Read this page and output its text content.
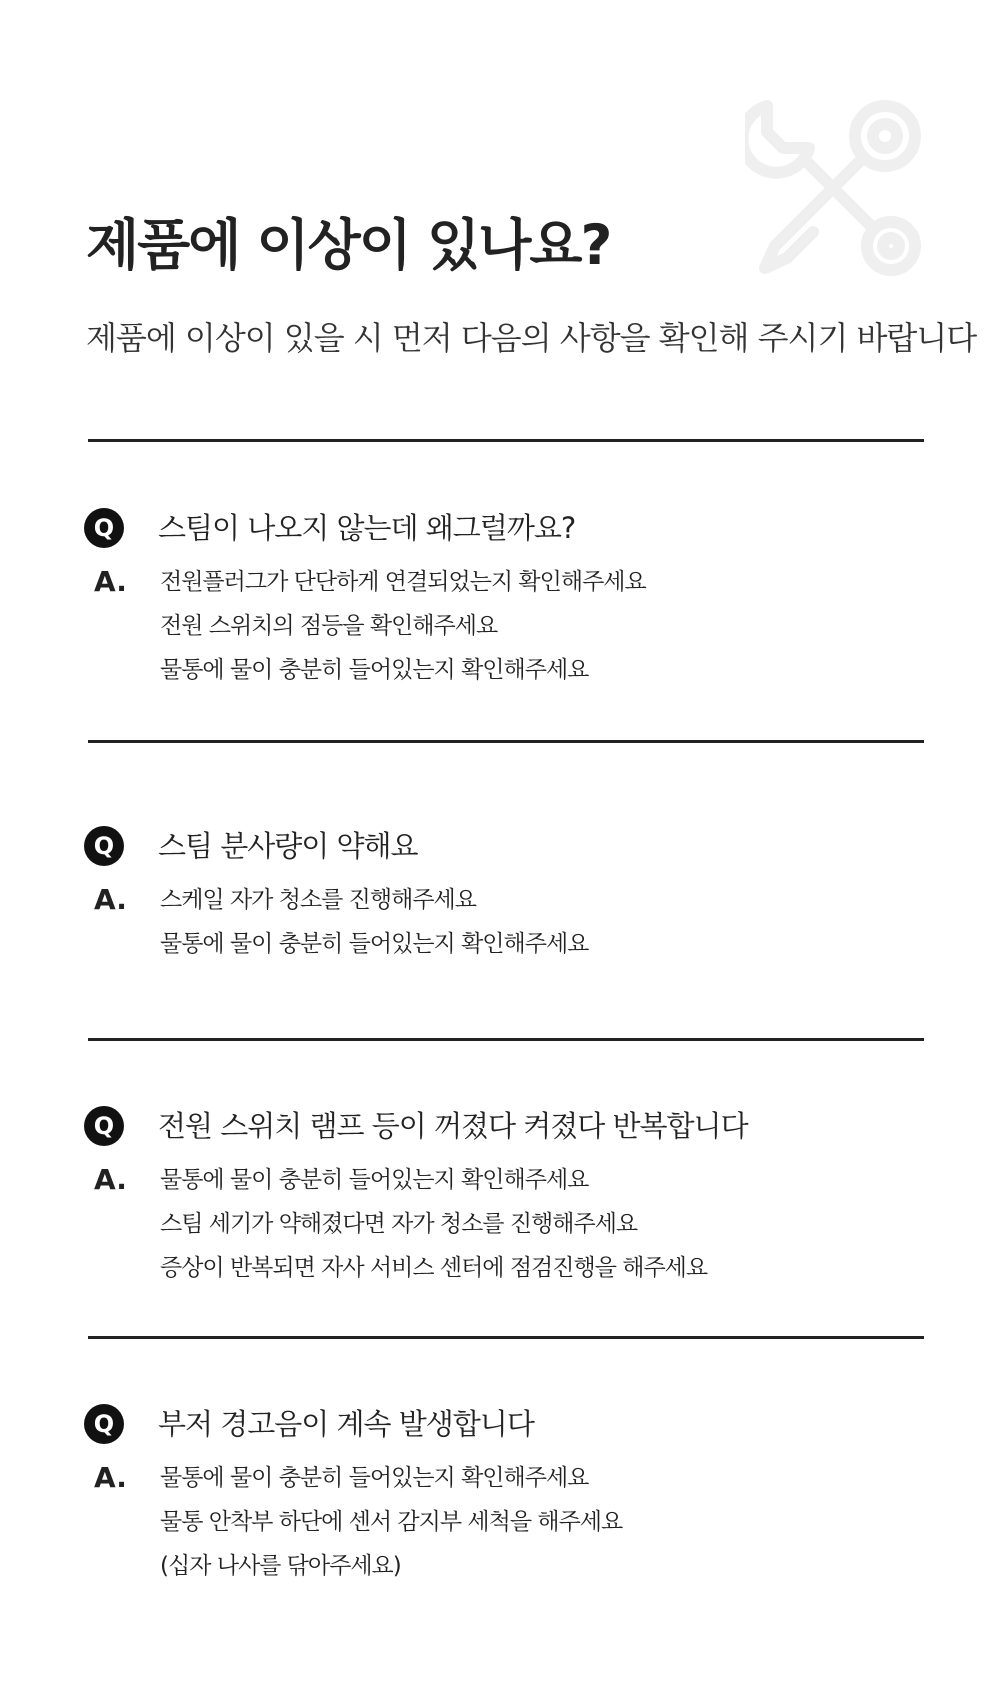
제품에 이상이 있나요?

제품에 이상이 있을 시 먼저 다음의 사항을 확인해 주시기 바랍니다

Q	스팀이 나오지 않는데 왜그럴까요?
A. 전원플러그가 단단하게 연결되었는지 확인해주세요
전원 스위치의 점등을 확인해주세요
물통에 물이 충분히 들어있는지 확인해주세요
Q	스팀 분사량이 약해요
A. 스케일 자가 청소를 진행해주세요
물통에 물이 충분히 들어있는지 확인해주세요
Q	전원 스위치 램프 등이 꺼졌다 켜졌다 반복합니다
A. 물통에 물이 충분히 들어있는지 확인해주세요
스팀 세기가 약해졌다면 자가 청소를 진행해주세요
증상이 반복되면 자사 서비스 센터에 점검진행을 해주세요
Q	부저 경고음이 계속 발생합니다
A. 물통에 물이 충분히 들어있는지 확인해주세요
물통 안착부 하단에 센서 감지부 세척을 해주세요
(십자 나사를 닦아주세요)
